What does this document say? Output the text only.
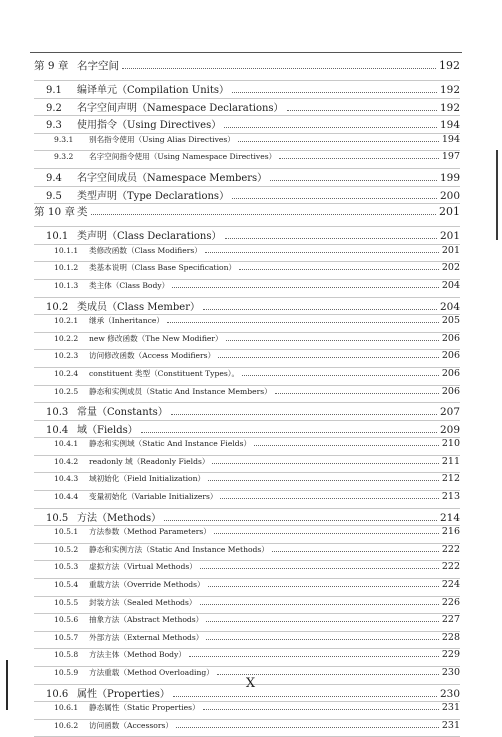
第 9 章 名字空间	192
9.1	编译单元（Compilation Units）	192
9.2	名字空间声明（Namespace Declarations）	192
9.3	使用指令（Using Directives）	194
9.3.1	别名指令使用（Using Alias Directives）	194
9.3.2	名字空间指令使用（Using Namespace Directives）	197
9.4	名字空间成员（Namespace Members）	199
9.5	类型声明（Type Declarations）	200
第 10 章 类	201
10.1 类声明（Class Declarations）	201
10.1.1	类修改函数（Class Modifiers）	201
10.1.2	类基本说明（Class Base Specification）	202
10.1.3	类主体（Class Body）	204
10.2 类成员（Class Member）	204
10.2.1	继承（Inheritance）	205
10.2.2	new 修改函数（The New Modifier）	206
10.2.3	访问修改函数（Access Modifiers）	206
10.2.4	constituent 类型（Constituent Types）。	206
10.2.5	静态和实例成员（Static And Instance Members）	206
10.3 常量（Constants）	207
10.4 域（Fields）	209
10.4.1	静态和实例域（Static And Instance Fields）	210
10.4.2	readonly 域（Readonly Fields）	211
10.4.3	域初始化（Field Initialization）	212
10.4.4	变量初始化（Variable Initializers）	213
10.5 方法（Methods）	214
10.5.1	方法参数（Method Parameters）	216
10.5.2	静态和实例方法（Static And Instance Methods）	222
10.5.3	虚拟方法（Virtual Methods）	222
10.5.4	重载方法（Override Methods）	224
10.5.5	封装方法（Sealed Methods）	226
10.5.6	抽象方法（Abstract Methods）	227
10.5.7	外部方法（External Methods）	228
10.5.8	方法主体（Method Body）	229
10.5.9	方法重载（Method Overloading）	230
10.6 属性（Properties）	230
10.6.1	静态属性（Static Properties）	231
10.6.2	访问函数（Accessors）	231
X
